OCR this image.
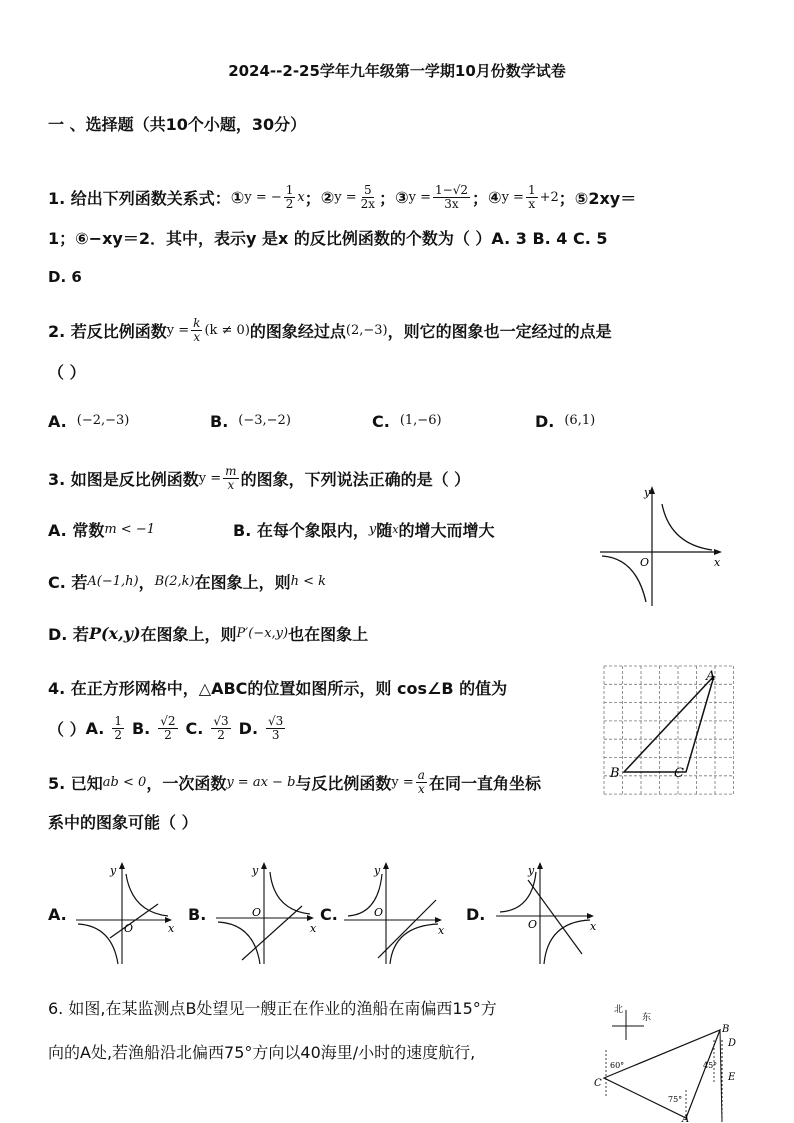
2024--2-25学年九年级第一学期10月份数学试卷
一 、选择题（共10个小题，30分）
1. 给出下列函数关系式： ① y = − $\frac{1}{2}$ x ； ② $y = \frac{5}{2x}$ ； ③ $y = \frac{1-√2}{3x}$ ； ④ $y = \frac{1}{x} +2$ ； ⑤2xy＝
1；⑥−xy＝2．其中，表示y 是x 的反比例函数的个数为（ ）A. 3 B. 4 C. 5
D. 6
2. 若反比例函数 $y = \frac{k}{x} (k \ne 0)$ 的图象经过点 (2,−3) ，则它的图象也一定经过的点是
（ ）
A. (−2,−3)	B. (−3,−2)	C. (1,−6)	D. (6,1)
3. 如图是反比例函数 $y = \frac{m}{x}$ 的图象，下列说法正确的是（ ）
A. 常数 m < −1	B. 在每个象限内， y 随 x 的增大而增大
C. 若 A(−1,h) ， B(2,k) 在图象上，则 h < k
D. 若 P(x,y) 在图象上，则 P′(−x,y) 也在图象上
y
O	x
4. 在正方形网格中，△ABC的位置如图所示，则 cos∠B 的值为
（ ） A. $\frac{1}{2} B$. $\frac{√2}{2} C$. $\frac{√3}{2} D$. $\frac{√3}{3}$
A
B	C
5. 已知 ab < 0 ，一次函数 y = ax − b 与反比例函数 $y = \frac{a}{x}$ 在同一直角坐标
系中的图象可能（ ）
A.	B.	C.	D.
y
O	x
y
O
x
y
O
x
y
O	x
6. 如图,在某监测点B处望见一艘正在作业的渔船在南偏西15°方
向的A处,若渔船沿北偏西75°方向以40海里/小时的速度航行,
北
东
B
C
A
D
E
60°	45°
75°
